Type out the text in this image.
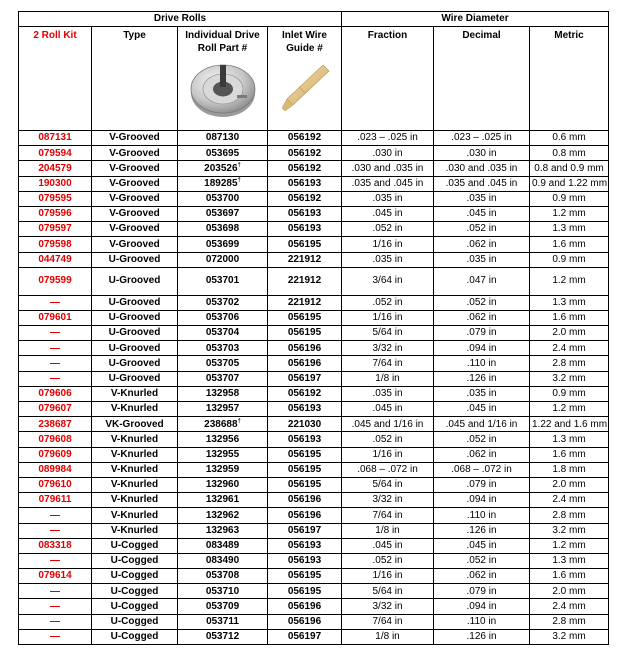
Drive Rolls				Wire Diameter		
2 Roll Kit	Type	Individual Drive Roll Part #	Inlet Wire Guide #	Fraction	Decimal	Metric
087131	V-Grooved	087130	056192	.023 – .025 in	.023 – .025 in	0.6 mm
079594	V-Grooved	053695	056192	.030 in	.030 in	0.8 mm
204579	V-Grooved	203526†	056192	.030 and .035 in	.030 and .035 in	0.8 and 0.9 mm
190300	V-Grooved	189285†	056193	.035 and .045 in	.035 and .045 in	0.9 and 1.22 mm
079595	V-Grooved	053700	056192	.035 in	.035 in	0.9 mm
079596	V-Grooved	053697	056193	.045 in	.045 in	1.2 mm
079597	V-Grooved	053698	056193	.052 in	.052 in	1.3 mm
079598	V-Grooved	053699	056195	1/16 in	.062 in	1.6 mm
044749	U-Grooved	072000	221912	.035 in	.035 in	0.9 mm
079599	U-Grooved	053701	221912	3/64 in	.047 in	1.2 mm
—	U-Grooved	053702	221912	.052 in	.052 in	1.3 mm
079601	U-Grooved	053706	056195	1/16 in	.062 in	1.6 mm
—	U-Grooved	053704	056195	5/64 in	.079 in	2.0 mm
—	U-Grooved	053703	056196	3/32 in	.094 in	2.4 mm
—	U-Grooved	053705	056196	7/64 in	.110 in	2.8 mm
—	U-Grooved	053707	056197	1/8 in	.126 in	3.2 mm
079606	V-Knurled	132958	056192	.035 in	.035 in	0.9 mm
079607	V-Knurled	132957	056193	.045 in	.045 in	1.2 mm
238687	VK-Grooved	238688†	221030	.045 and 1/16 in	.045 and 1/16 in	1.22 and 1.6 mm
079608	V-Knurled	132956	056193	.052 in	.052 in	1.3 mm
079609	V-Knurled	132955	056195	1/16 in	.062 in	1.6 mm
089984	V-Knurled	132959	056195	.068 – .072 in	.068 – .072 in	1.8 mm
079610	V-Knurled	132960	056195	5/64 in	.079 in	2.0 mm
079611	V-Knurled	132961	056196	3/32 in	.094 in	2.4 mm
—	V-Knurled	132962	056196	7/64 in	.110 in	2.8 mm
—	V-Knurled	132963	056197	1/8 in	.126 in	3.2 mm
083318	U-Cogged	083489	056193	.045 in	.045 in	1.2 mm
—	U-Cogged	083490	056193	.052 in	.052 in	1.3 mm
079614	U-Cogged	053708	056195	1/16 in	.062 in	1.6 mm
—	U-Cogged	053710	056195	5/64 in	.079 in	2.0 mm
—	U-Cogged	053709	056196	3/32 in	.094 in	2.4 mm
—	U-Cogged	053711	056196	7/64 in	.110 in	2.8 mm
—	U-Cogged	053712	056197	1/8 in	.126 in	3.2 mm
